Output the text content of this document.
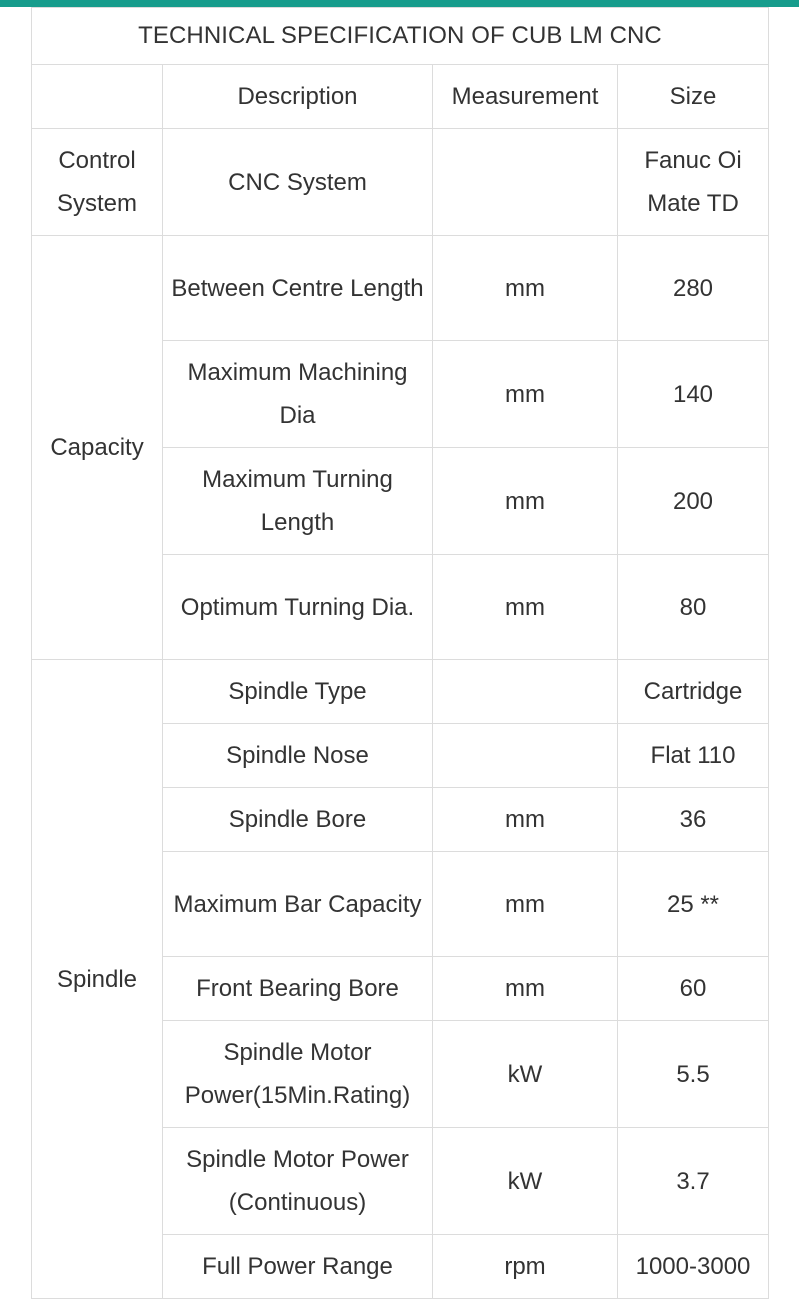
TECHNICAL SPECIFICATION OF CUB LM CNC			
	Description	Measurement	Size
Control System	CNC System		Fanuc Oi Mate TD
Capacity	Between Centre Length	mm	280
	Maximum Machining Dia	mm	140
	Maximum Turning Length	mm	200
	Optimum Turning Dia.	mm	80
Spindle	Spindle Type		Cartridge
	Spindle Nose		Flat 110
	Spindle Bore	mm	36
	Maximum Bar Capacity	mm	25 **
	Front Bearing Bore	mm	60
	Spindle Motor Power(15Min.Rating)	kW	5.5
	Spindle Motor Power (Continuous)	kW	3.7
	Full Power Range	rpm	1000-3000
